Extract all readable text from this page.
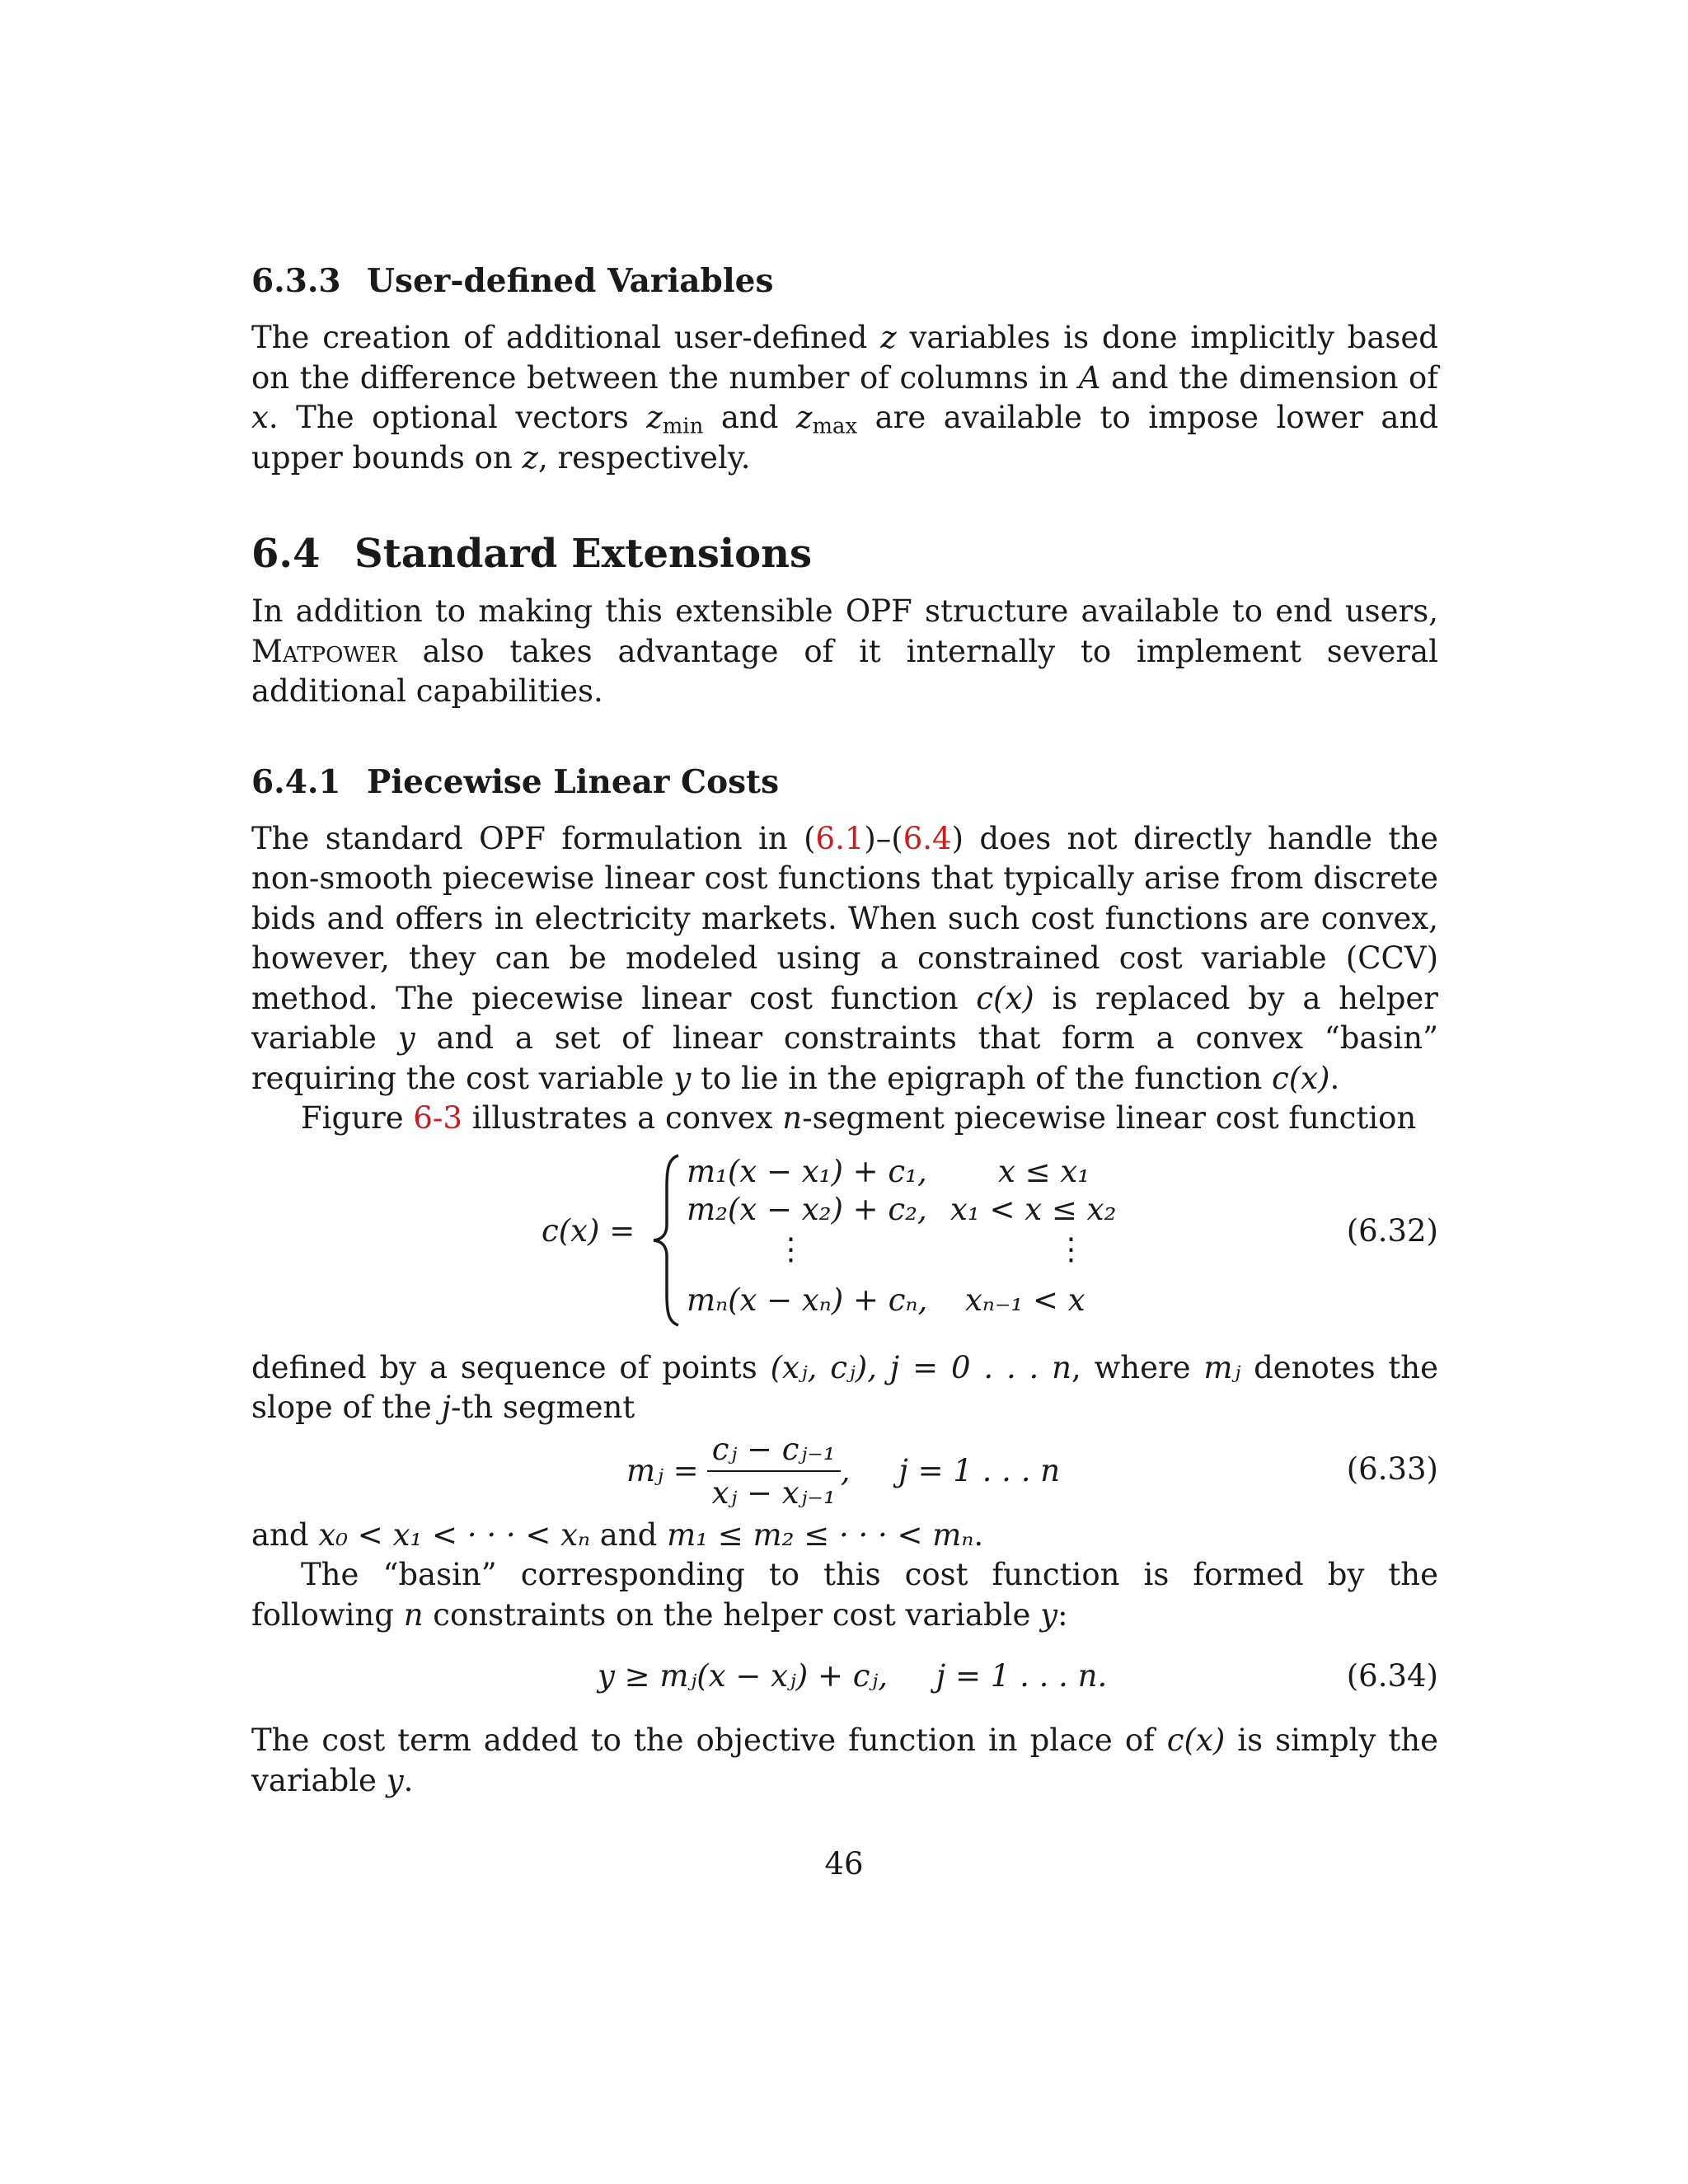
6.3.3 User-defined Variables

The creation of additional user-defined z variables is done implicitly based on the difference between the number of columns in A and the dimension of x. The optional vectors $z_{min}$ and $z_{max}$ are available to impose lower and upper bounds on z, respectively.

6.4 Standard Extensions

In addition to making this extensible OPF structure available to end users, Matpower also takes advantage of it internally to implement several additional capabilities.

6.4.1 Piecewise Linear Costs

The standard OPF formulation in (6.1)–(6.4) does not directly handle the non-smooth piecewise linear cost functions that typically arise from discrete bids and offers in electricity markets. When such cost functions are convex, however, they can be modeled using a constrained cost variable (CCV) method. The piecewise linear cost function c(x) is replaced by a helper variable y and a set of linear constraints that form a convex “basin” requiring the cost variable y to lie in the epigraph of the function c(x).

Figure 6-3 illustrates a convex n-segment piecewise linear cost function

c(x) =
m₁(x − x₁) + c₁, x ≤ x₁
m₂(x − x₂) + c₂, x₁ < x ≤ x₂
⋮	⋮
mₙ(x − xₙ) + cₙ, xₙ₋₁ < x
(6.32)

defined by a sequence of points (xⱼ, cⱼ), j = 0 . . . n, where mⱼ denotes the slope of the j-th segment

mⱼ = $\frac{\text{cⱼ − cⱼ₋₁}}{\text{xⱼ − xⱼ₋₁}}$ ,     j = 1 . . . n	(6.33)

and x₀ < x₁ < · · · < xₙ and m₁ ≤ m₂ ≤ · · · < mₙ.

The “basin” corresponding to this cost function is formed by the following n constraints on the helper cost variable y:

y ≥ mⱼ(x − xⱼ) + cⱼ,     j = 1 . . . n.	(6.34)

The cost term added to the objective function in place of c(x) is simply the variable y.

46
